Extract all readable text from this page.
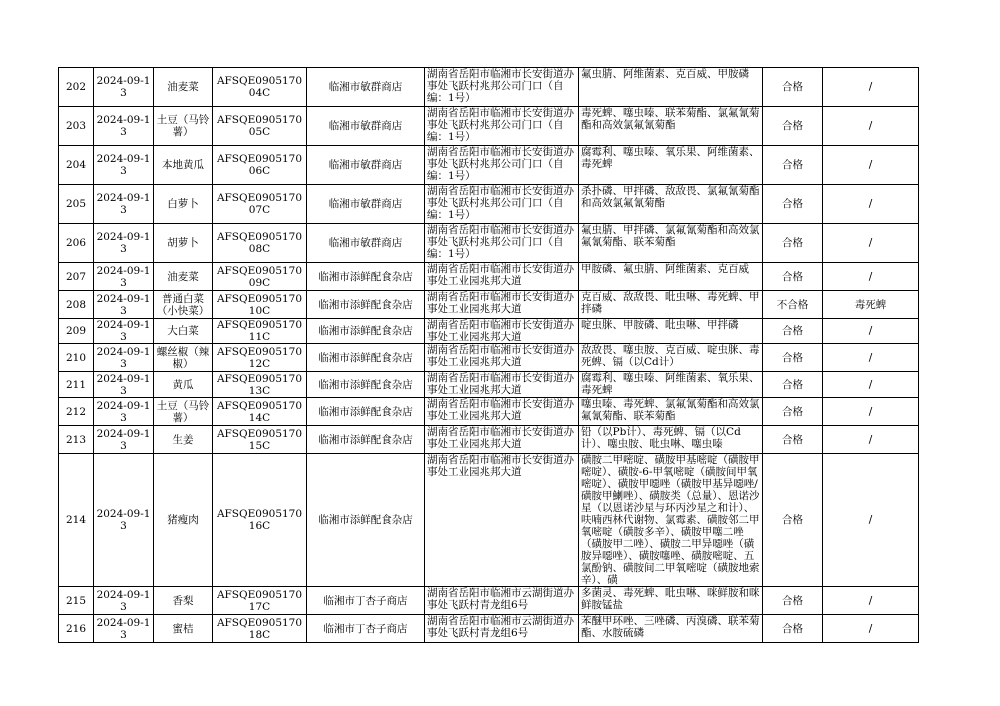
202	2024-09-13	油麦菜	AFSQE090517004C	临湘市敏群商店	湖南省岳阳市临湘市长安街道办事处飞跃村兆邦公司门口（自编：1号）	氟虫腈、阿维菌素、克百威、甲胺磷	合格	/
203	2024-09-13	土豆（马铃薯）	AFSQE090517005C	临湘市敏群商店	湖南省岳阳市临湘市长安街道办事处飞跃村兆邦公司门口（自编：1号）	毒死蜱、噻虫嗪、联苯菊酯、氯氟氰菊酯和高效氯氟氰菊酯	合格	/
204	2024-09-13	本地黄瓜	AFSQE090517006C	临湘市敏群商店	湖南省岳阳市临湘市长安街道办事处飞跃村兆邦公司门口（自编：1号）	腐霉利、噻虫嗪、氧乐果、阿维菌素、毒死蜱	合格	/
205	2024-09-13	白萝卜	AFSQE090517007C	临湘市敏群商店	湖南省岳阳市临湘市长安街道办事处飞跃村兆邦公司门口（自编：1号）	杀扑磷、甲拌磷、敌敌畏、氯氟氰菊酯和高效氯氟氰菊酯	合格	/
206	2024-09-13	胡萝卜	AFSQE090517008C	临湘市敏群商店	湖南省岳阳市临湘市长安街道办事处飞跃村兆邦公司门口（自编：1号）	氟虫腈、甲拌磷、氯氟氰菊酯和高效氯氟氰菊酯、联苯菊酯	合格	/
207	2024-09-13	油麦菜	AFSQE090517009C	临湘市添鲜配食杂店	湖南省岳阳市临湘市长安街道办事处工业园兆邦大道	甲胺磷、氟虫腈、阿维菌素、克百威	合格	/
208	2024-09-13	普通白菜（小快菜）	AFSQE090517010C	临湘市添鲜配食杂店	湖南省岳阳市临湘市长安街道办事处工业园兆邦大道	克百威、敌敌畏、吡虫啉、毒死蜱、甲拌磷	不合格	毒死蜱
209	2024-09-13	大白菜	AFSQE090517011C	临湘市添鲜配食杂店	湖南省岳阳市临湘市长安街道办事处工业园兆邦大道	啶虫脒、甲胺磷、吡虫啉、甲拌磷	合格	/
210	2024-09-13	螺丝椒（辣椒）	AFSQE090517012C	临湘市添鲜配食杂店	湖南省岳阳市临湘市长安街道办事处工业园兆邦大道	敌敌畏、噻虫胺、克百威、啶虫脒、毒死蜱、镉（以Cd计）	合格	/
211	2024-09-13	黄瓜	AFSQE090517013C	临湘市添鲜配食杂店	湖南省岳阳市临湘市长安街道办事处工业园兆邦大道	腐霉利、噻虫嗪、阿维菌素、氧乐果、毒死蜱	合格	/
212	2024-09-13	土豆（马铃薯）	AFSQE090517014C	临湘市添鲜配食杂店	湖南省岳阳市临湘市长安街道办事处工业园兆邦大道	噻虫嗪、毒死蜱、氯氟氰菊酯和高效氯氟氰菊酯、联苯菊酯	合格	/
213	2024-09-13	生姜	AFSQE090517015C	临湘市添鲜配食杂店	湖南省岳阳市临湘市长安街道办事处工业园兆邦大道	铅（以Pb计）、毒死蜱、镉（以Cd计）、噻虫胺、吡虫啉、噻虫嗪	合格	/
214	2024-09-13	猪瘦肉	AFSQE090517016C	临湘市添鲜配食杂店	湖南省岳阳市临湘市长安街道办事处工业园兆邦大道	磺胺二甲嘧啶、磺胺甲基嘧啶（磺胺甲嘧啶）、磺胺-6-甲氧嘧啶（磺胺间甲氧嘧啶）、磺胺甲噁唑（磺胺甲基异噁唑/磺胺甲鯻唑）、磺胺类（总量）、恩诺沙星（以恩诺沙星与环丙沙星之和计）、呋喃西林代谢物、氯霉素、磺胺邻二甲氧嘧啶（磺胺多辛）、磺胺甲噻二唑（磺胺甲二唑）、磺胺二甲异噁唑（磺胺异噁唑）、磺胺噻唑、磺胺嘧啶、五氯酚钠、磺胺间二甲氧嘧啶（磺胺地索辛）、磺	合格	/
215	2024-09-13	香梨	AFSQE090517017C	临湘市丁杏子商店	湖南省岳阳市临湘市云湖街道办事处飞跃村青龙组6号	多菌灵、毒死蜱、吡虫啉、咪鲜胺和咪鲜胺锰盐	合格	/
216	2024-09-13	蜜桔	AFSQE090517018C	临湘市丁杏子商店	湖南省岳阳市临湘市云湖街道办事处飞跃村青龙组6号	苯醚甲环唑、三唑磷、丙溴磷、联苯菊酯、水胺硫磷	合格	/
